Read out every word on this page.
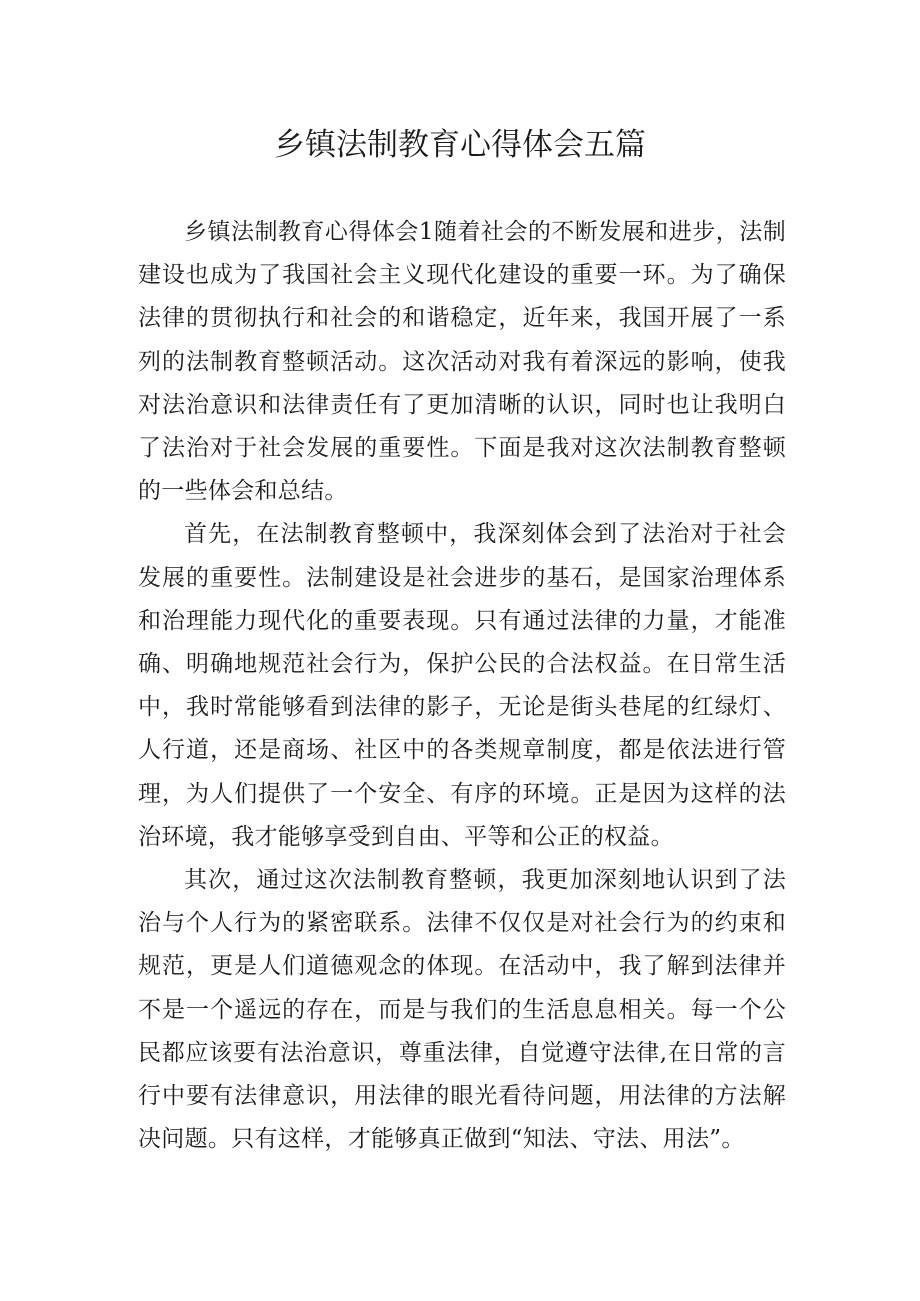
乡镇法制教育心得体会五篇

乡镇法制教育心得体会1随着社会的不断发展和进步，法制建设也成为了我国社会主义现代化建设的重要一环。为了确保法律的贯彻执行和社会的和谐稳定，近年来，我国开展了一系列的法制教育整顿活动。这次活动对我有着深远的影响，使我对法治意识和法律责任有了更加清晰的认识，同时也让我明白了法治对于社会发展的重要性。下面是我对这次法制教育整顿的一些体会和总结。

首先，在法制教育整顿中，我深刻体会到了法治对于社会发展的重要性。法制建设是社会进步的基石，是国家治理体系和治理能力现代化的重要表现。只有通过法律的力量，才能准确、明确地规范社会行为，保护公民的合法权益。在日常生活中，我时常能够看到法律的影子，无论是街头巷尾的红绿灯、人行道，还是商场、社区中的各类规章制度，都是依法进行管理，为人们提供了一个安全、有序的环境。正是因为这样的法治环境，我才能够享受到自由、平等和公正的权益。

其次，通过这次法制教育整顿，我更加深刻地认识到了法治与个人行为的紧密联系。法律不仅仅是对社会行为的约束和规范，更是人们道德观念的体现。在活动中，我了解到法律并不是一个遥远的存在，而是与我们的生活息息相关。每一个公民都应该要有法治意识，尊重法律，自觉遵守法律,在日常的言行中要有法律意识，用法律的眼光看待问题，用法律的方法解决问题。只有这样，才能够真正做到“知法、守法、用法”。
